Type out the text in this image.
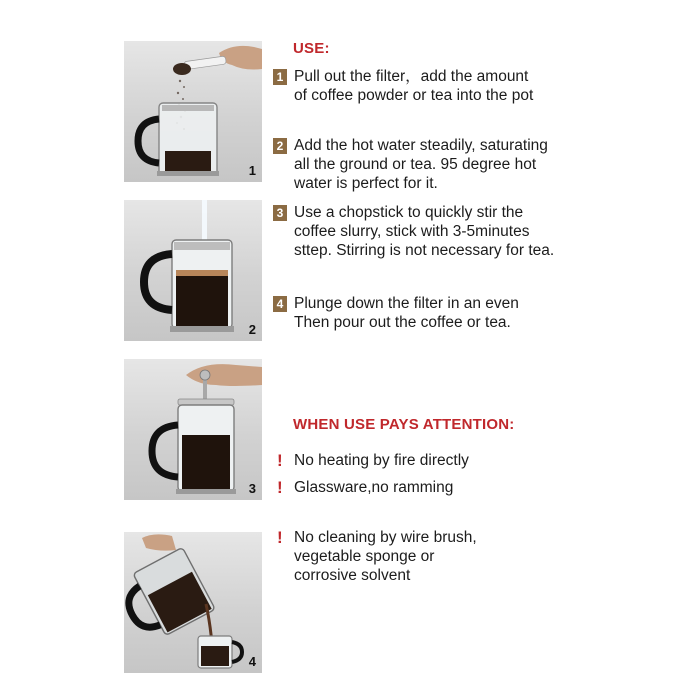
1
2
3
4
USE:
1 Pull out the filter，add the amount
of coffee powder or tea into the pot
2 Add the hot water steadily, saturating
all the ground or tea. 95 degree hot
water is perfect for it.
3 Use a chopstick to quickly stir the
coffee slurry, stick with 3-5minutes
sttep. Stirring is not necessary for tea.
4 Plunge down the filter in an even
Then pour out the coffee or tea.
WHEN USE PAYS ATTENTION:
! No heating by fire directly
! Glassware,no ramming
! No cleaning by wire brush,
vegetable sponge or
corrosive solvent
